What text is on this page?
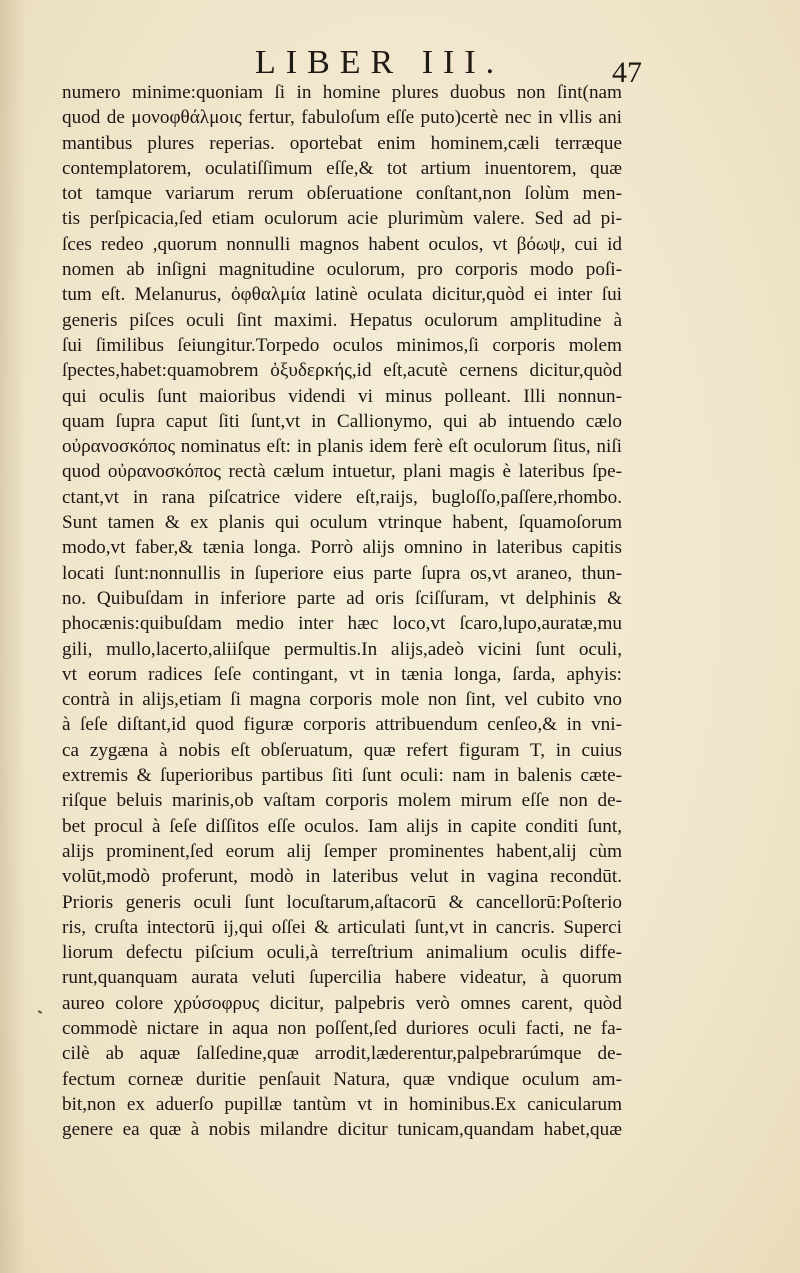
LIBER III.	47
numero minime:quoniam ſi in homine plures duobus non ſint(nam
quod de μονοφθάλμοις fertur, fabuloſum eſſe puto)certè nec in vllis ani
mantibus plures reperias. oportebat enim hominem,cæli terræque
contemplatorem, oculatiſſimum eſſe,& tot artium inuentorem, quæ
tot tamque variarum rerum obſeruatione conſtant,non ſolùm men-
tis perſpicacia,ſed etiam oculorum acie plurimùm valere. Sed ad pi-
ſces redeo ,quorum nonnulli magnos habent oculos, vt βόωψ, cui id
nomen ab inſigni magnitudine oculorum, pro corporis modo poſi-
tum eſt. Melanurus, ὀφθαλμία latinè oculata dicitur,quòd ei inter ſui
generis piſces oculi ſint maximi. Hepatus oculorum amplitudine à
ſui ſimilibus ſeiungitur.Torpedo oculos minimos,ſi corporis molem
ſpectes,habet:quamobrem ὀξυδερκής,id eſt,acutè cernens dicitur,quòd
qui oculis ſunt maioribus videndi vi minus polleant. Illi nonnun-
quam ſupra caput ſiti ſunt,vt in Callionymo, qui ab intuendo cælo
οὐρανοσκόπος nominatus eſt: in planis idem ferè eſt oculorum ſitus, niſi
quod οὐρανοσκόπος rectà cælum intuetur, plani magis è lateribus ſpe-
ctant,vt in rana piſcatrice videre eſt,raijs, bugloſſo,paſſere,rhombo.
Sunt tamen & ex planis qui oculum vtrinque habent, ſquamoſorum
modo,vt faber,& tænia longa. Porrò alijs omnino in lateribus capitis
locati ſunt:nonnullis in ſuperiore eius parte ſupra os,vt araneo, thun-
no. Quibuſdam in inferiore parte ad oris ſciſſuram, vt delphinis &
phocænis:quibuſdam medio inter hæc loco,vt ſcaro,lupo,auratæ,mu
gili, mullo,lacerto,aliiſque permultis.In alijs,adeò vicini ſunt oculi,
vt eorum radices ſeſe contingant, vt in tænia longa, ſarda, aphyis:
contrà in alijs,etiam ſi magna corporis mole non ſint, vel cubito vno
à ſeſe diſtant,id quod figuræ corporis attribuendum cenſeo,& in vni-
ca zygæna à nobis eſt obſeruatum, quæ refert figuram T, in cuius
extremis & ſuperioribus partibus ſiti ſunt oculi: nam in balenis cæte-
riſque beluis marinis,ob vaſtam corporis molem mirum eſſe non de-
bet procul à ſeſe diſſitos eſſe oculos. Iam alijs in capite conditi ſunt,
alijs prominent,ſed eorum alij ſemper prominentes habent,alij cùm
volūt,modò proferunt, modò in lateribus velut in vagina recondūt.
Prioris generis oculi ſunt locuſtarum,aſtacorū & cancellorū:Poſterio
ris, cruſta intectorū ij,qui oſſei & articulati ſunt,vt in cancris. Superci
liorum defectu piſcium oculi,à terreſtrium animalium oculis diffe-
runt,quanquam aurata veluti ſupercilia habere videatur, à quorum
aureo colore χρύσοφρυς dicitur, palpebris verò omnes carent, quòd
commodè nictare in aqua non poſſent,ſed duriores oculi facti, ne fa-
cilè ab aquæ ſalſedine,quæ arrodit,læderentur,palpebrarúmque de-
fectum corneæ duritie penſauit Natura, quæ vndique oculum am-
bit,non ex aduerſo pupillæ tantùm vt in hominibus.Ex canicularum
genere ea quæ à nobis milandre dicitur tunicam,quandam habet,quæ
